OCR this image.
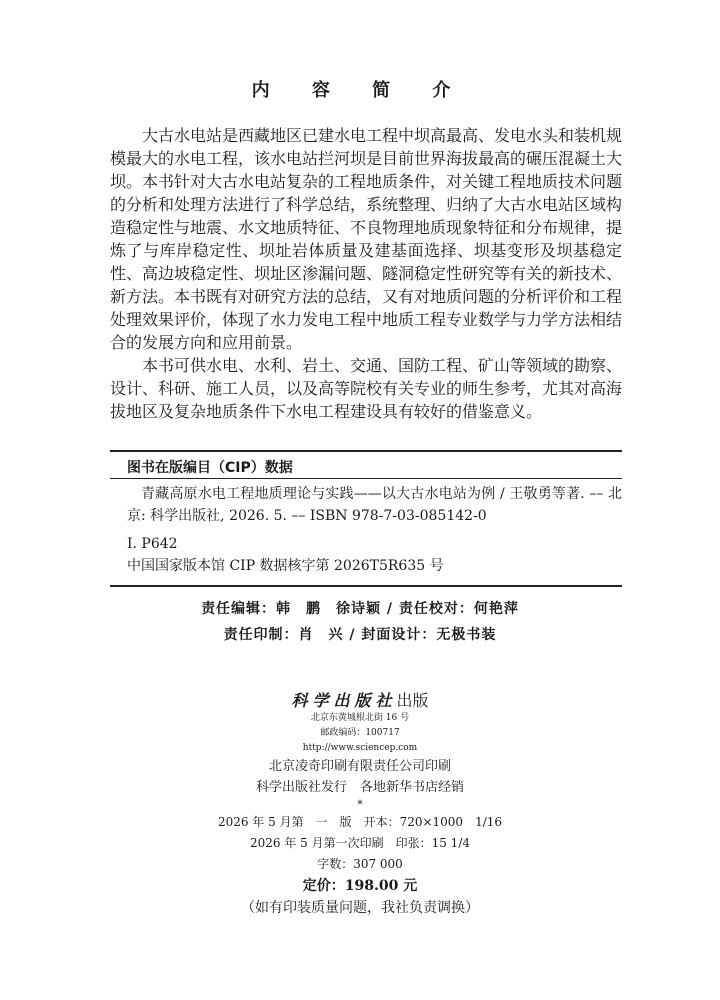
内 容 简 介

大古水电站是西藏地区已建水电工程中坝高最高、发电水头和装机规模最大的水电工程，该水电站拦河坝是目前世界海拔最高的碾压混凝土大坝。本书针对大古水电站复杂的工程地质条件，对关键工程地质技术问题的分析和处理方法进行了科学总结，系统整理、归纳了大古水电站区域构造稳定性与地震、水文地质特征、不良物理地质现象特征和分布规律，提炼了与库岸稳定性、坝址岩体质量及建基面选择、坝基变形及坝基稳定性、高边坡稳定性、坝址区渗漏问题、隧洞稳定性研究等有关的新技术、新方法。本书既有对研究方法的总结，又有对地质问题的分析评价和工程处理效果评价，体现了水力发电工程中地质工程专业数学与力学方法相结合的发展方向和应用前景。

本书可供水电、水利、岩土、交通、国防工程、矿山等领域的勘察、设计、科研、施工人员，以及高等院校有关专业的师生参考，尤其对高海拔地区及复杂地质条件下水电工程建设具有较好的借鉴意义。

图书在版编目（CIP）数据
青藏高原水电工程地质理论与实践——以大古水电站为例 / 王敬勇等著. –– 北京: 科学出版社, 2026. 5. –– ISBN 978-7-03-085142-0
Ⅰ. P642
中国国家版本馆 CIP 数据核字第 2026T5R635 号
责任编辑：韩　鹏　徐诗颖 / 责任校对：何艳萍
责任印制：肖　兴 / 封面设计：无极书装
科学出版社出版
北京东黄城根北街 16 号
邮政编码：100717
http://www.sciencep.com
北京凌奇印刷有限责任公司印刷
科学出版社发行　各地新华书店经销
*
2026 年 5 月第　一　版　开本：720×1000　1/16
2026 年 5 月第一次印刷　印张：15 1/4
字数：307 000
定价：198.00 元
（如有印装质量问题，我社负责调换）
